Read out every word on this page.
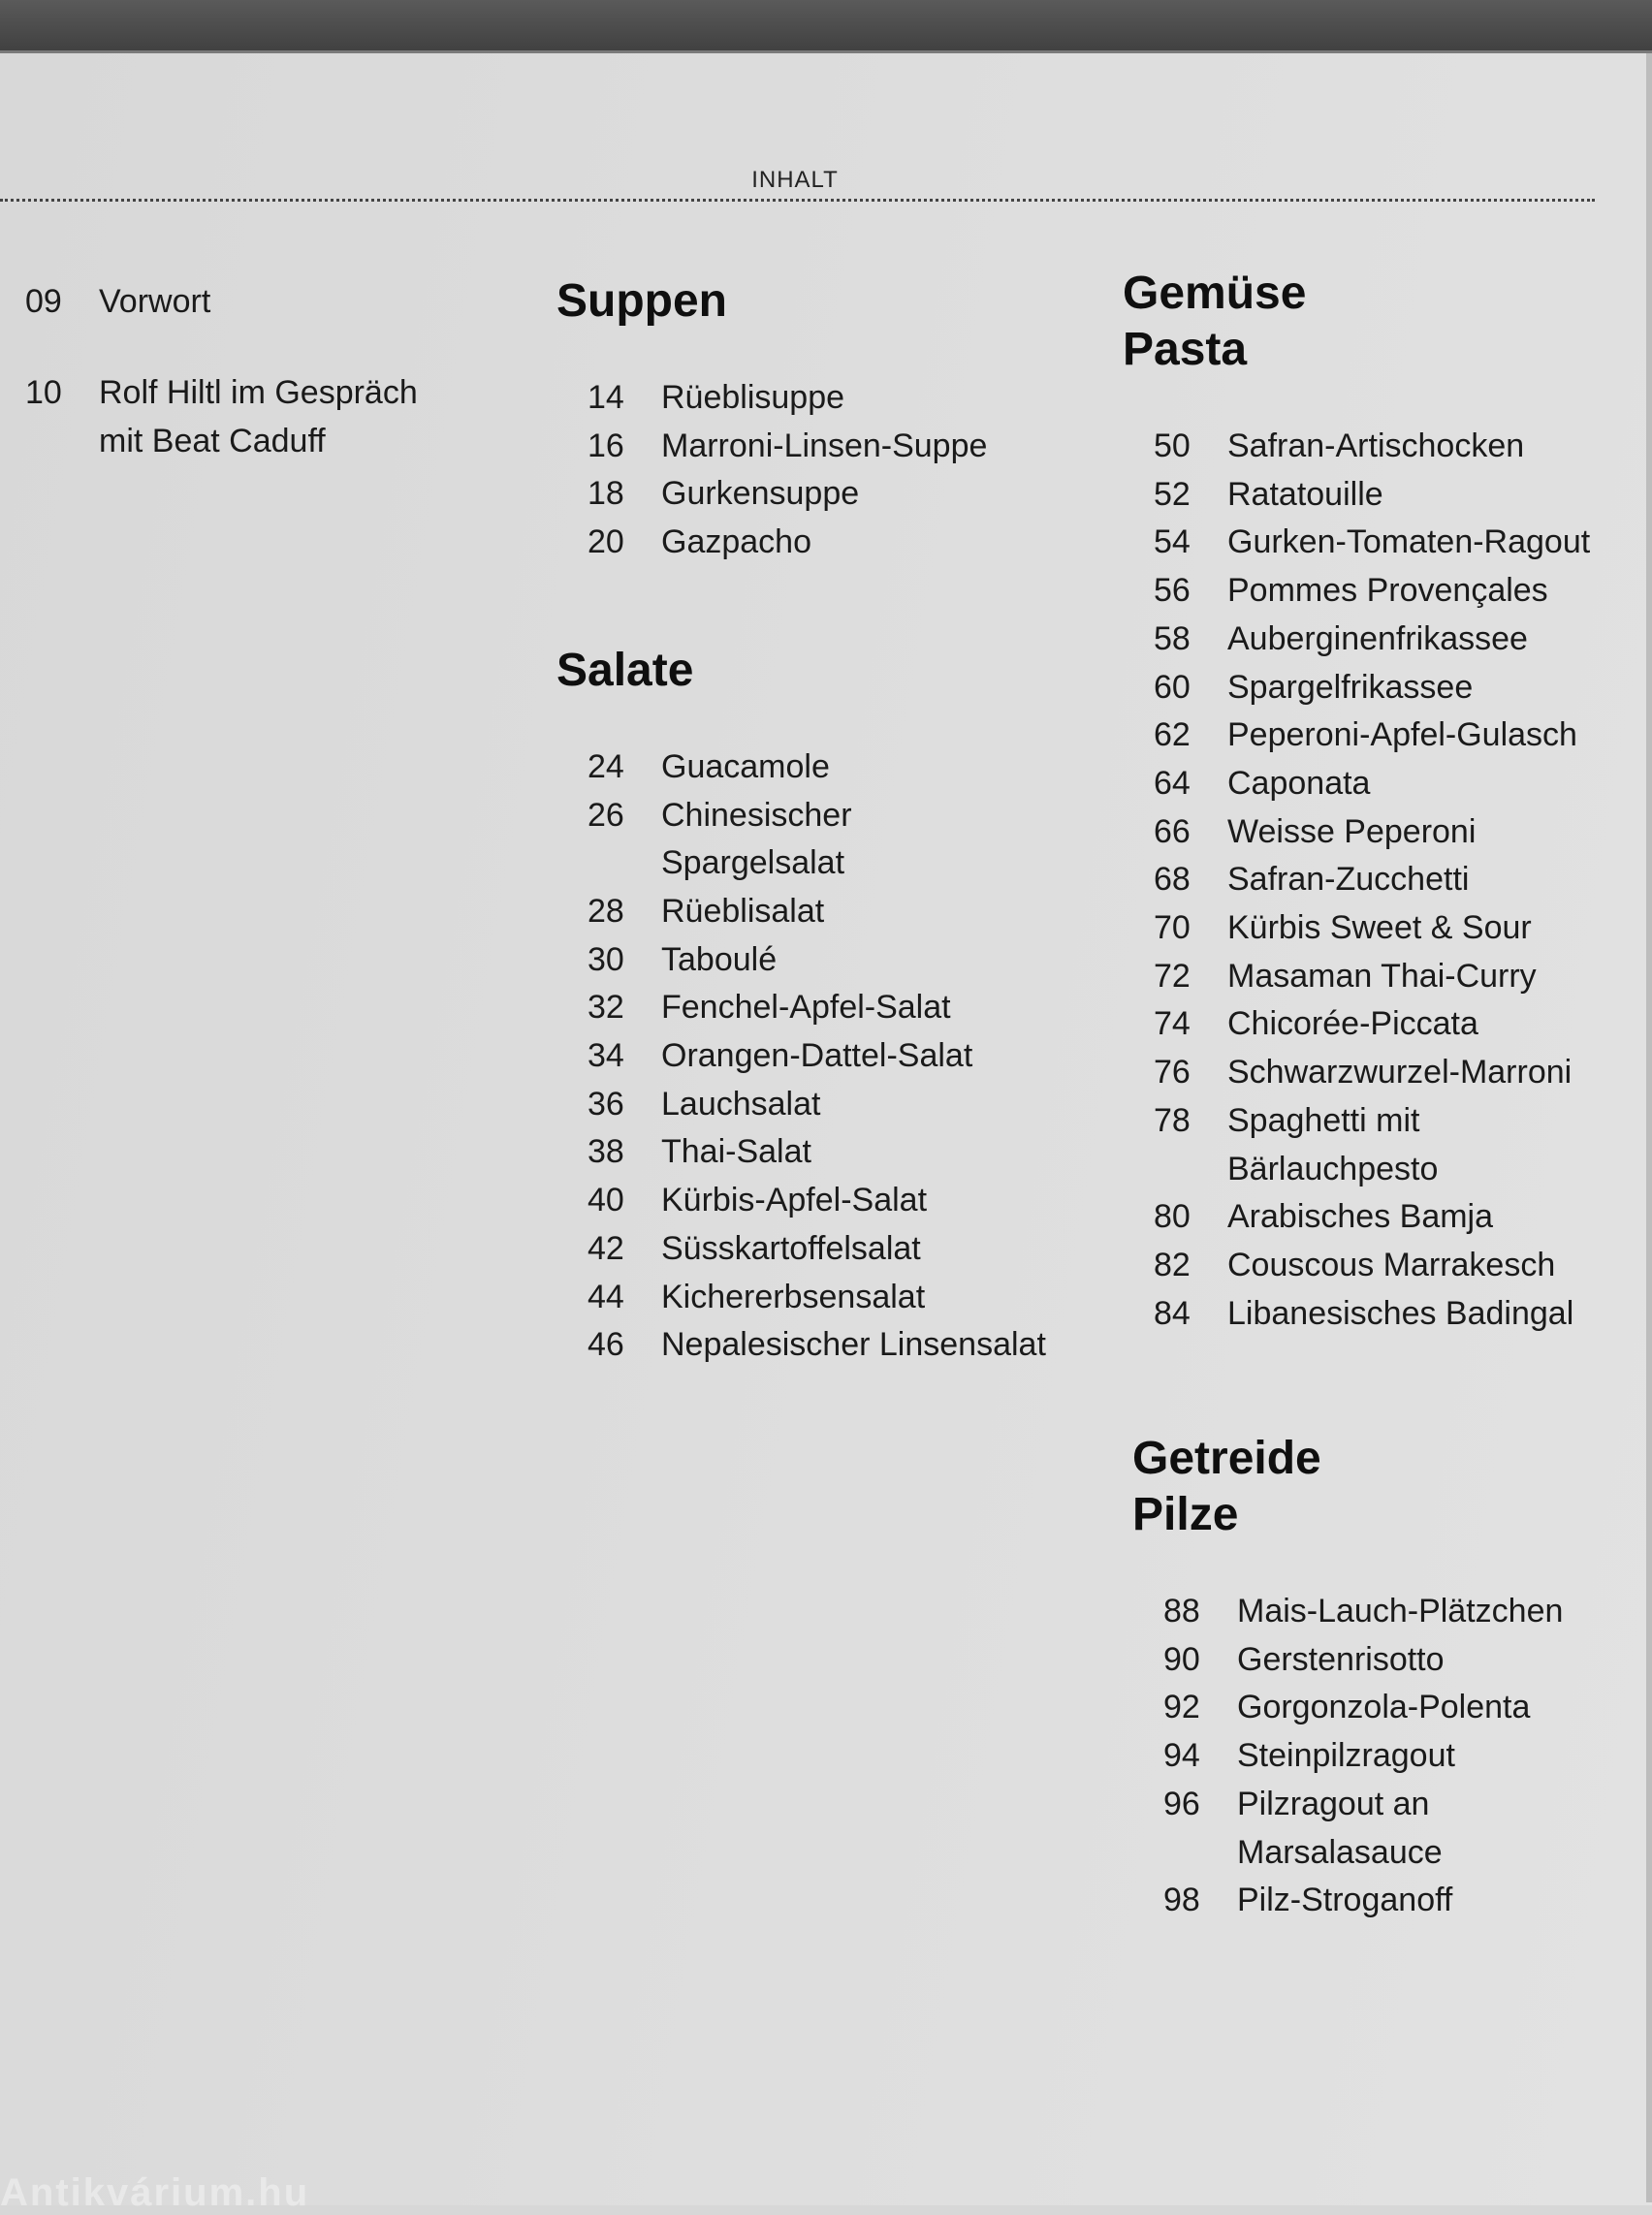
INHALT
09	Vorwort
10	Rolf Hiltl im Gespräch
mit Beat Caduff
Suppen
14	Rüeblisuppe
16	Marroni-Linsen-Suppe
18	Gurkensuppe
20	Gazpacho
Salate
24	Guacamole
26	Chinesischer
Spargelsalat
28	Rüeblisalat
30	Taboulé
32	Fenchel-Apfel-Salat
34	Orangen-Dattel-Salat
36	Lauchsalat
38	Thai-Salat
40	Kürbis-Apfel-Salat
42	Süsskartoffelsalat
44	Kichererbsensalat
46	Nepalesischer Linsensalat
Gemüse
Pasta
50	Safran-Artischocken
52	Ratatouille
54	Gurken-Tomaten-Ragout
56	Pommes Provençales
58	Auberginenfrikassee
60	Spargelfrikassee
62	Peperoni-Apfel-Gulasch
64	Caponata
66	Weisse Peperoni
68	Safran-Zucchetti
70	Kürbis Sweet & Sour
72	Masaman Thai-Curry
74	Chicorée-Piccata
76	Schwarzwurzel-Marroni
78	Spaghetti mit
Bärlauchpesto
80	Arabisches Bamja
82	Couscous Marrakesch
84	Libanesisches Badingal
Getreide
Pilze
88	Mais-Lauch-Plätzchen
90	Gerstenrisotto
92	Gorgonzola-Polenta
94	Steinpilzragout
96	Pilzragout an
Marsalasauce
98	Pilz-Stroganoff
Antikvárium.hu
